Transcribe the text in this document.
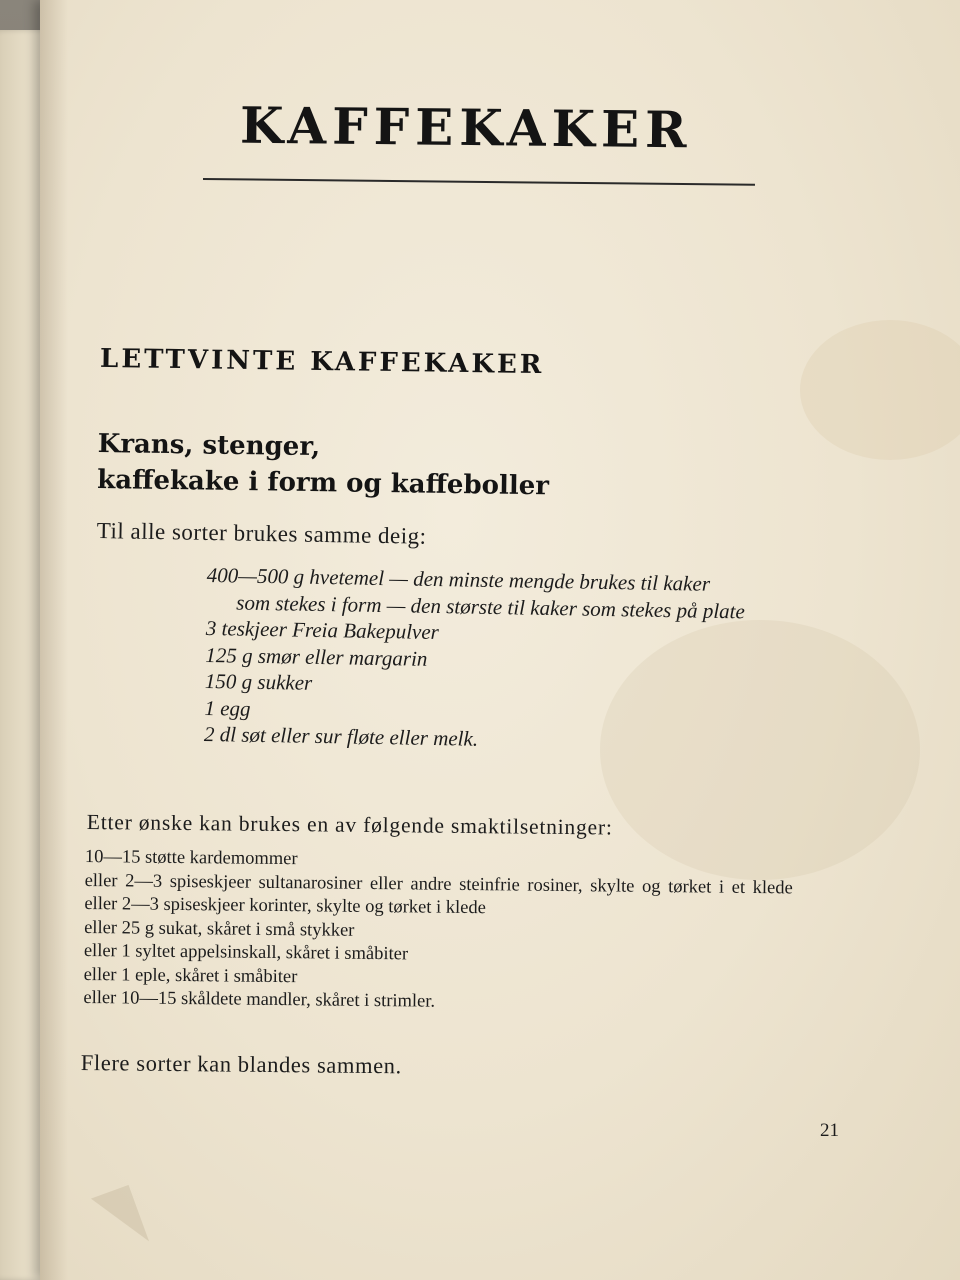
KAFFEKAKER
LETTVINTE KAFFEKAKER
Krans, stenger,
kaffekake i form og kaffeboller
Til alle sorter brukes samme deig:
400—500 g hvetemel — den minste mengde brukes til kaker
som stekes i form — den største til kaker som stekes på plate
3 teskjeer Freia Bakepulver
125 g smør eller margarin
150 g sukker
1 egg
2 dl søt eller sur fløte eller melk.
Etter ønske kan brukes en av følgende smaktilsetninger:
10—15 støtte kardemommer
eller 2—3 spiseskjeer sultanarosiner eller andre steinfrie rosiner, skylte og tørket i et klede
eller 2—3 spiseskjeer korinter, skylte og tørket i klede
eller 25 g sukat, skåret i små stykker
eller 1 syltet appelsinskall, skåret i småbiter
eller 1 eple, skåret i småbiter
eller 10—15 skåldete mandler, skåret i strimler.
Flere sorter kan blandes sammen.
21
